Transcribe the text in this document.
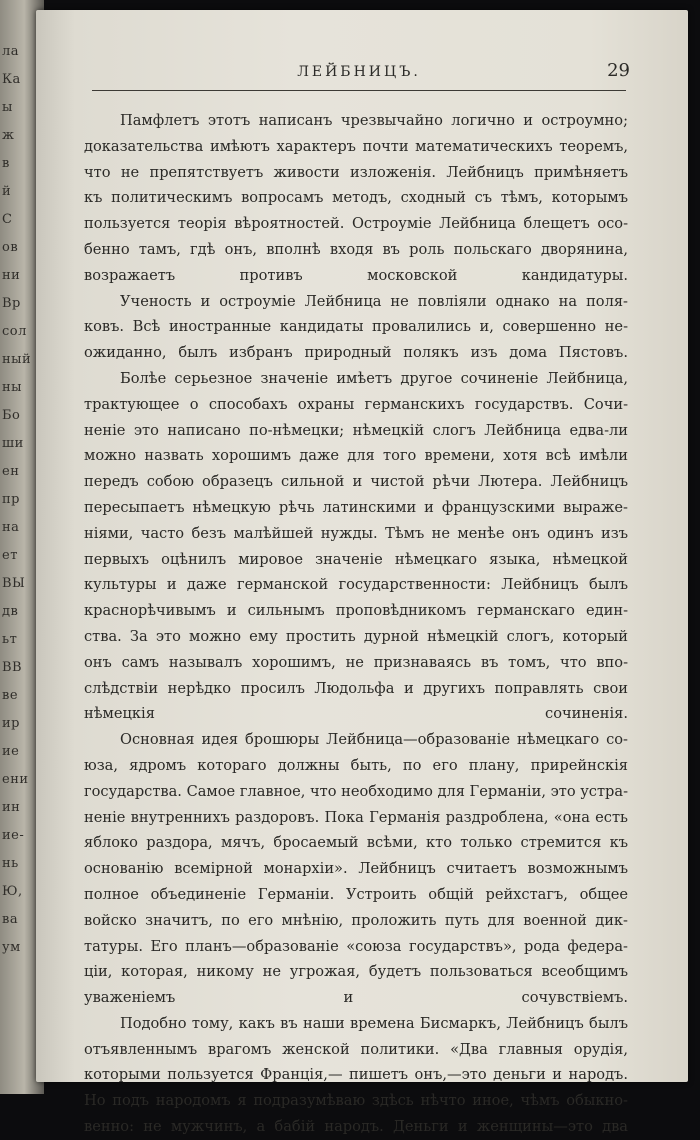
ла
Ка
ы
ж
в
й
С
ов
ни
Вр
сол
ный
ны
Бо
ши
ен
пр
на
ет
ВЫ
дв
ьт
ВВ
ве
ир
ие
ени
ин
ие-
нь
Ю,
ва
ум
ЛЕЙБНИЦЪ.	29
Памфлетъ этотъ написанъ чрезвычайно логично и остроумно;
доказательства имѣютъ характеръ почти математическихъ теоремъ,
что не препятствуетъ живости изложенія. Лейбницъ примѣняетъ
къ политическимъ вопросамъ методъ, сходный съ тѣмъ, которымъ
пользуется теорія вѣроятностей. Остроуміе Лейбница блещетъ осо-
бенно тамъ, гдѣ онъ, вполнѣ входя въ роль польскаго дворянина,
возражаетъ противъ московской кандидатуры.
Ученость и остроуміе Лейбница не повліяли однако на поля-
ковъ. Всѣ иностранные кандидаты провалились и, совершенно не-
ожиданно, былъ избранъ природный полякъ изъ дома Пястовъ.
Болѣе серьезное значеніе имѣетъ другое сочиненіе Лейбница,
трактующее о способахъ охраны германскихъ государствъ. Сочи-
неніе это написано по-нѣмецки; нѣмецкій слогъ Лейбница едва-ли
можно назвать хорошимъ даже для того времени, хотя всѣ имѣли
передъ собою образецъ сильной и чистой рѣчи Лютера. Лейбницъ
пересыпаетъ нѣмецкую рѣчь латинскими и французскими выраже-
ніями, часто безъ малѣйшей нужды. Тѣмъ не менѣе онъ одинъ изъ
первыхъ оцѣнилъ мировое значеніе нѣмецкаго языка, нѣмецкой
культуры и даже германской государственности: Лейбницъ былъ
краснорѣчивымъ и сильнымъ проповѣдникомъ германскаго един-
ства. За это можно ему простить дурной нѣмецкій слогъ, который
онъ самъ называлъ хорошимъ, не признаваясь въ томъ, что впо-
слѣдствіи нерѣдко просилъ Людольфа и другихъ поправлять свои
нѣмецкія сочиненія.
Основная идея брошюры Лейбница—образованіе нѣмецкаго со-
юза, ядромъ котораго должны быть, по его плану, прирейнскія
государства. Самое главное, что необходимо для Германіи, это устра-
неніе внутреннихъ раздоровъ. Пока Германія раздроблена, «она есть
яблоко раздора, мячъ, бросаемый всѣми, кто только стремится къ
основанію всемірной монархіи». Лейбницъ считаетъ возможнымъ
полное объединеніе Германіи. Устроить общій рейхстагъ, общее
войско значитъ, по его мнѣнію, проложить путь для военной дик-
татуры. Его планъ—образованіе «союза государствъ», рода федера-
ціи, которая, никому не угрожая, будетъ пользоваться всеобщимъ
уваженіемъ и сочувствіемъ.
Подобно тому, какъ въ наши времена Бисмаркъ, Лейбницъ былъ
отъявленнымъ врагомъ женской политики. «Два главныя орудія,
которыми пользуется Франція,— пишетъ онъ,—это деньги и народъ.
Но подъ народомъ я подразумѣваю здѣсь нѣчто иное, чѣмъ обыкно-
венно: не мужчинъ, а бабій народъ. Деньги и женщины—это два
